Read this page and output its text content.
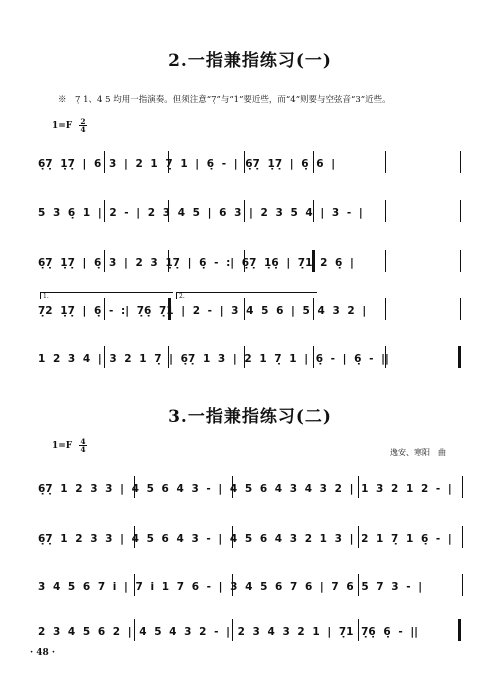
2.一指兼指练习(一)
※　7̣ 1、4 5 均用一指演奏。但须注意“7̣”与“1”要近些，而“4”则要与空弦音“3”近些。
$1=F \frac{2}{4}$
6̣7̣ 1̣7̣ | 6 3 | 2 1 7̣ 1 | 6̣ - | 6̣7̣ 1̣7̣ | 6̣ 6 |
5 3 6̣ 1 | 2 - | 2 3 4 5 | 6 3 | 2 3 5 4 | 3 - |
6̣7̣ 1̣7̣ | 6̣ 3 | 2 3 1̣7̣ | 6̣ - :| 6̣7̣ 1̣6̣ | 7̣1 2 6̣ |
1.	2.
7̣2 1̣7̣ | 6̣ - :| 7̣6̣ 7̣1 | 2 - | 3 4 5 6 | 5 4 3 2 |
1 2 3 4 | 3 2 1 7̣ | 6̣7̣ 1 3 | 2 1 7̣ 1 | 6̣ - | 6̣ - ||
3.一指兼指练习(二)
$1=F \frac{4}{4}$	逸安、寒阳　曲
6̣7̣ 1 2 3 3 | 4 5 6 4 3 - | 4 5 6 4 3 4 3 2 | 1 3 2 1 2 - |
6̣7̣ 1 2 3 3 | 4 5 6 4 3 - | 4 5 6 4 3 2 1 3 | 2 1 7̣ 1 6̣ - |
3 4 5 6 7 i | 7 i 1 7 6 - | 3 4 5 6 7 6 | 7 6 5 7 3 - |
2 3 4 5 6 2 | 4 5 4 3 2 - | 2 3 4 3 2 1 | 7̣1 7̣6̣ 6̣ - ||
· 48 ·
